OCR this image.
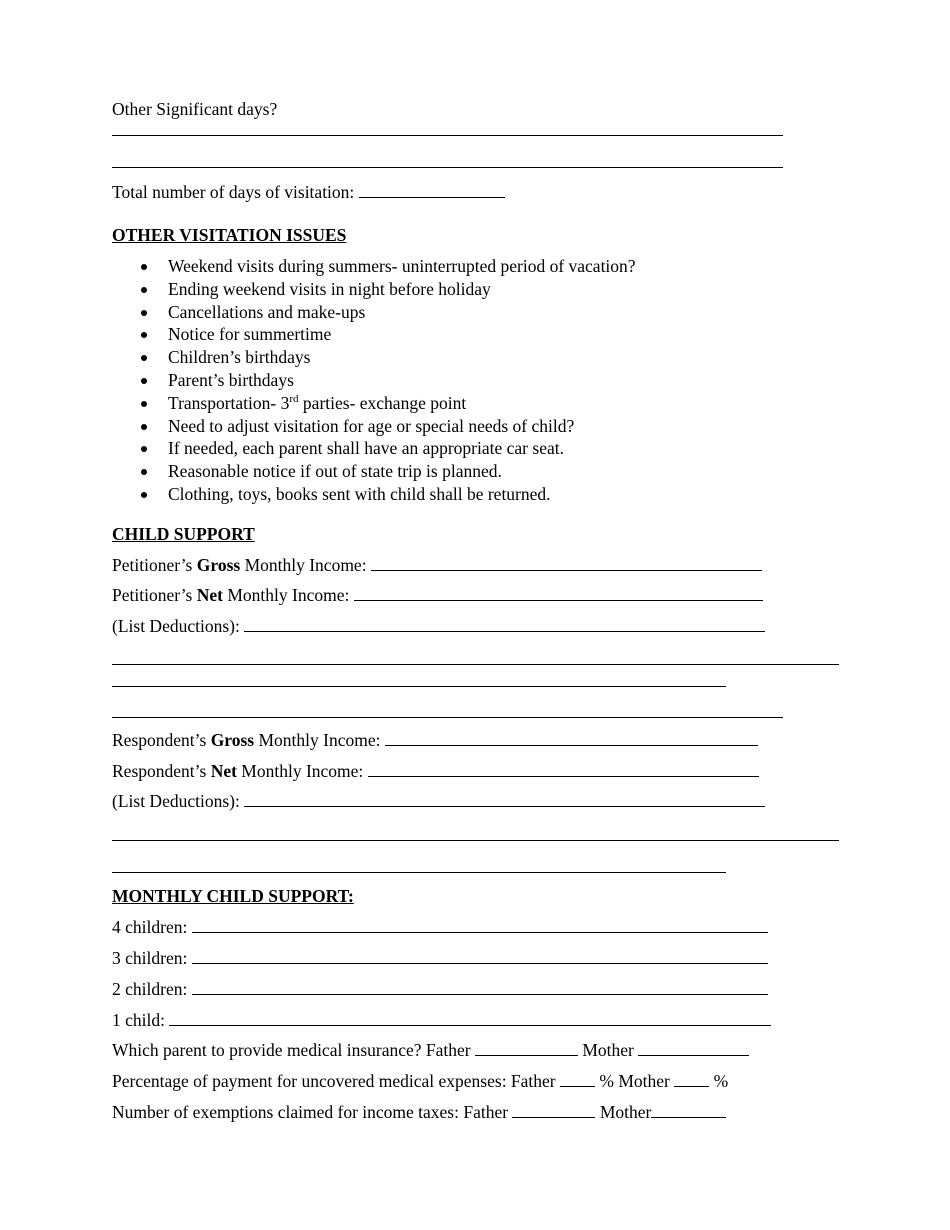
Other Significant days?
Total number of days of visitation:
OTHER VISITATION ISSUES
Weekend visits during summers- uninterrupted period of vacation?
Ending weekend visits in night before holiday
Cancellations and make-ups
Notice for summertime
Children’s birthdays
Parent’s birthdays
Transportation- 3rd parties- exchange point
Need to adjust visitation for age or special needs of child?
If needed, each parent shall have an appropriate car seat.
Reasonable notice if out of state trip is planned.
Clothing, toys, books sent with child shall be returned.
CHILD SUPPORT
Petitioner’s Gross Monthly Income:
Petitioner’s Net Monthly Income:
(List Deductions):
Respondent’s Gross Monthly Income:
Respondent’s Net Monthly Income:
(List Deductions):
MONTHLY CHILD SUPPORT:
4 children:
3 children:
2 children:
1 child:
Which parent to provide medical insurance? Father	Mother
Percentage of payment for uncovered medical expenses: Father	% Mother	%
Number of exemptions claimed for income taxes: Father	Mother
